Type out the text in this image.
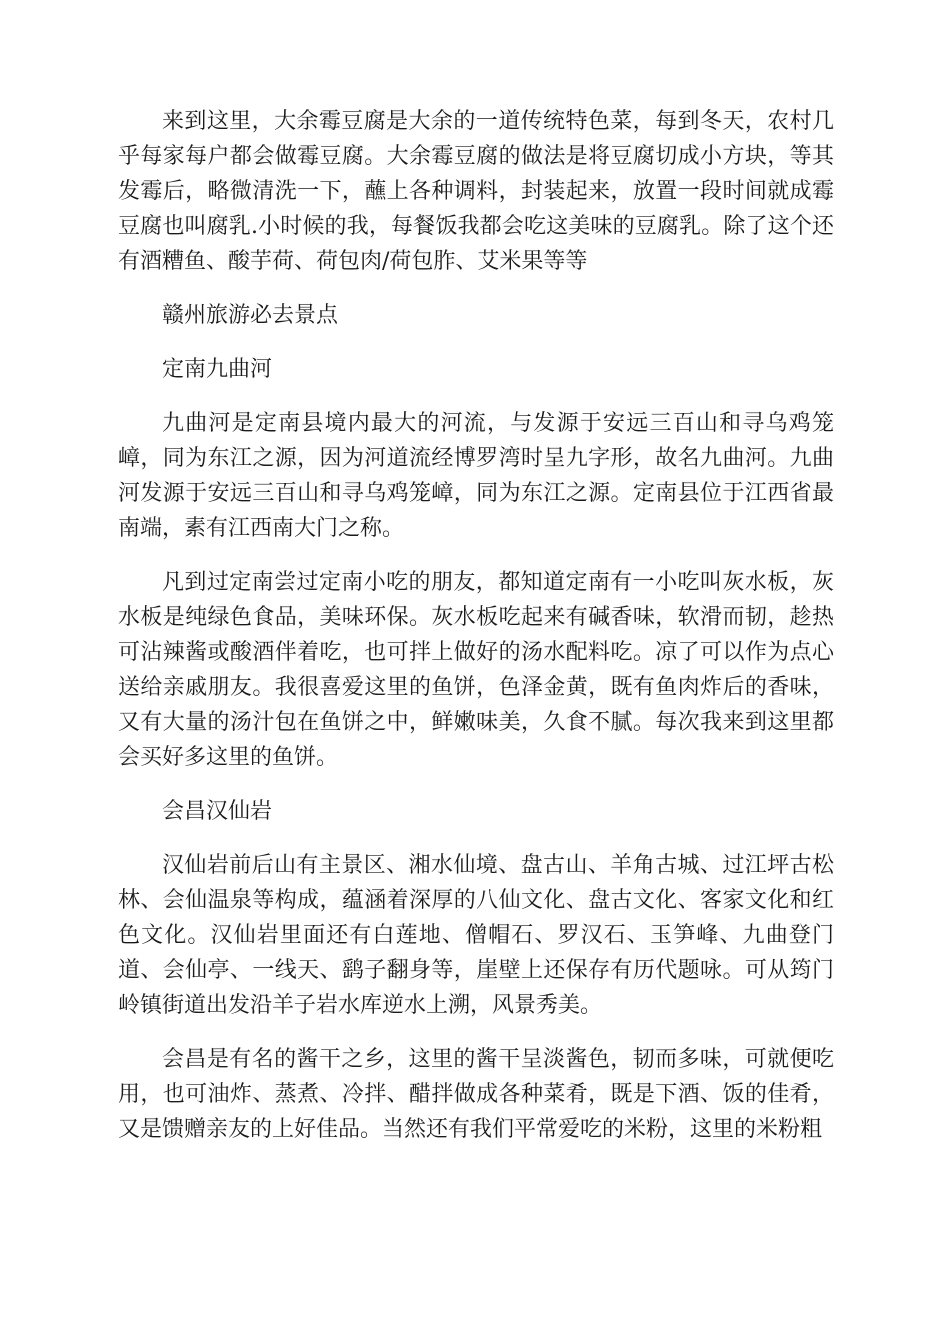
来到这里，大余霉豆腐是大余的一道传统特色菜，每到冬天，农村几乎每家每户都会做霉豆腐。大余霉豆腐的做法是将豆腐切成小方块，等其发霉后，略微清洗一下，蘸上各种调料，封装起来，放置一段时间就成霉豆腐也叫腐乳.小时候的我，每餐饭我都会吃这美味的豆腐乳。除了这个还有酒糟鱼、酸芋荷、荷包肉/荷包胙、艾米果等等

赣州旅游必去景点

定南九曲河

九曲河是定南县境内最大的河流，与发源于安远三百山和寻乌鸡笼嶂，同为东江之源，因为河道流经博罗湾时呈九字形，故名九曲河。九曲河发源于安远三百山和寻乌鸡笼嶂，同为东江之源。定南县位于江西省最南端，素有江西南大门之称。

凡到过定南尝过定南小吃的朋友，都知道定南有一小吃叫灰水板，灰水板是纯绿色食品，美味环保。灰水板吃起来有碱香味，软滑而韧，趁热可沾辣酱或酸酒伴着吃，也可拌上做好的汤水配料吃。凉了可以作为点心送给亲戚朋友。我很喜爱这里的鱼饼，色泽金黄，既有鱼肉炸后的香味，又有大量的汤汁包在鱼饼之中，鲜嫩味美，久食不腻。每次我来到这里都会买好多这里的鱼饼。

会昌汉仙岩

汉仙岩前后山有主景区、湘水仙境、盘古山、羊角古城、过江坪古松林、会仙温泉等构成，蕴涵着深厚的八仙文化、盘古文化、客家文化和红色文化。汉仙岩里面还有白莲地、僧帽石、罗汉石、玉笋峰、九曲登门道、会仙亭、一线天、鹞子翻身等，崖壁上还保存有历代题咏。可从筠门岭镇街道出发沿羊子岩水库逆水上溯，风景秀美。

会昌是有名的酱干之乡，这里的酱干呈淡酱色，韧而多味，可就便吃用，也可油炸、蒸煮、冷拌、醋拌做成各种菜肴，既是下酒、饭的佳肴，又是馈赠亲友的上好佳品。当然还有我们平常爱吃的米粉，这里的米粉粗
